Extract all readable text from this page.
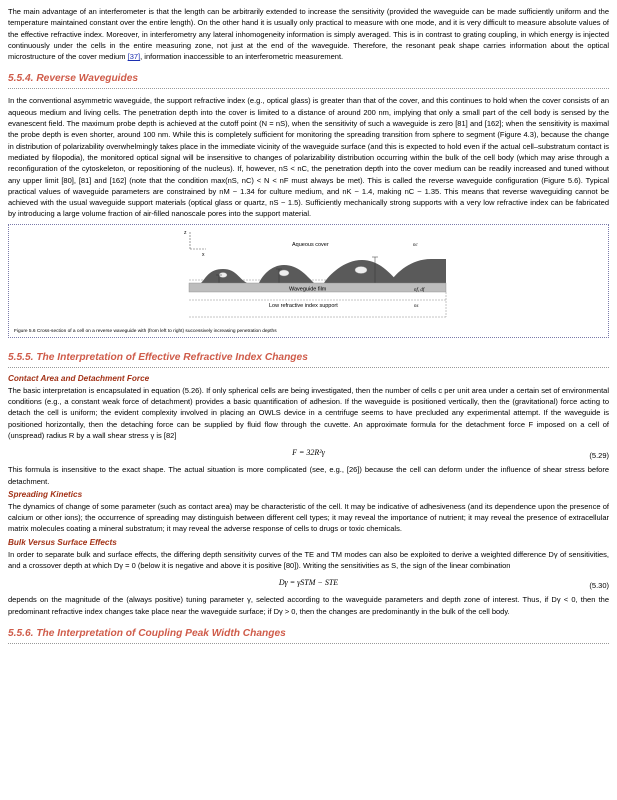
The main advantage of an interferometer is that the length can be arbitrarily extended to increase the sensitivity (provided the waveguide can be made sufficiently uniform and the temperature maintained constant over the entire length). On the other hand it is usually only practical to measure with one mode, and it is very difficult to measure absolute values of the effective refractive index. Moreover, in interferometry any lateral inhomogeneity information is simply averaged. This is in contrast to grating coupling, in which energy is injected continuously under the cells in the entire measuring zone, not just at the end of the waveguide. Therefore, the resonant peak shape carries information about the optical microstructure of the cover medium [37], information inaccessible to an interferometric measurement.

5.5.4. Reverse Waveguides

In the conventional asymmetric waveguide, the support refractive index (e.g., optical glass) is greater than that of the cover, and this continues to hold when the cover consists of an aqueous medium and living cells. The penetration depth into the cover is limited to a distance of around 200 nm, implying that only a small part of the cell body is sensed by the evanescent field. The maximum probe depth is achieved at the cutoff point (N = nS), when the sensitivity of such a waveguide is zero [81] and [162]; when the sensitivity is maximal the probe depth is even shorter, around 100 nm. While this is completely sufficient for monitoring the spreading transition from sphere to segment (Figure 4.3), because the change in distribution of polarizability overwhelmingly takes place in the immediate vicinity of the waveguide surface (and this is expected to hold even if the actual cell–substratum contact is mediated by filopodia), the monitored optical signal will be insensitive to changes of polarizability distribution occurring within the bulk of the cell body (which may arise through a reconfiguration of the cytoskeleton, or repositioning of the nucleus). If, however, nS < nC, the penetration depth into the cover medium can be readily increased and tuned without any upper limit [80], [81] and [162] (note that the condition max(nS, nC) < N < nF must always be met). This is called the reverse waveguide configuration (Figure 5.6). Typical practical values of waveguide parameters are constrained by nM ~ 1.34 for culture medium, and nK ~ 1.4, making nC ~ 1.35. This means that reverse waveguiding cannot be achieved with the usual waveguide support materials (optical glass or quartz, nS ~ 1.5). Sufficiently mechanically strong supports with a very low refractive index can be fabricated by introducing a large volume fraction of air-filled nanoscale pores into the support material.

z
x
Aqueous cover	nc
Waveguide film	nf, df
Low refractive index support	ns
Figure 5.6 Cross-section of a cell on a reverse waveguide with (from left to right) successively increasing penetration depths
5.5.5. The Interpretation of Effective Refractive Index Changes
Contact Area and Detachment Force

The basic interpretation is encapsulated in equation (5.26). If only spherical cells are being investigated, then the number of cells c per unit area under a certain set of environmental conditions (e.g., a constant weak force of detachment) provides a basic quantification of adhesion. If the waveguide is positioned vertically, then the (gravitational) force acting to detach the cell is uniform; the evident complexity involved in placing an OWLS device in a centrifuge seems to have precluded any experimental attempt. If the waveguide is positioned horizontally, then the detaching force can be supplied by fluid flow through the cuvette. An approximate formula for the detachment force F imposed on a cell of (unspread) radius R by a wall shear stress γ is [82]

F = 32R²γ	(5.29)

This formula is insensitive to the exact shape. The actual situation is more complicated (see, e.g., [26]) because the cell can deform under the influence of shear stress before detachment.

Spreading Kinetics

The dynamics of change of some parameter (such as contact area) may be characteristic of the cell. It may be indicative of adhesiveness (and its dependence upon the presence of calcium or other ions); the occurrence of spreading may distinguish between different cell types; it may reveal the importance of nutrient; it may reveal the presence of extracellular matrix molecules coating a mineral substratum; it may reveal the adverse response of cells to drugs or toxic chemicals.

Bulk Versus Surface Effects

In order to separate bulk and surface effects, the differing depth sensitivity curves of the TE and TM modes can also be exploited to derive a weighted difference Dγ of sensitivities, and a crossover depth at which Dγ = 0 (below it is negative and above it is positive [80]). Writing the sensitivities as S, the sign of the linear combination

Dγ = γSTM − STE	(5.30)

depends on the magnitude of the (always positive) tuning parameter γ, selected according to the waveguide parameters and depth zone of interest. Thus, if Dγ < 0, then the predominant refractive index changes take place near the waveguide surface; if Dγ > 0, then the changes are predominantly in the bulk of the cell body.

5.5.6. The Interpretation of Coupling Peak Width Changes
